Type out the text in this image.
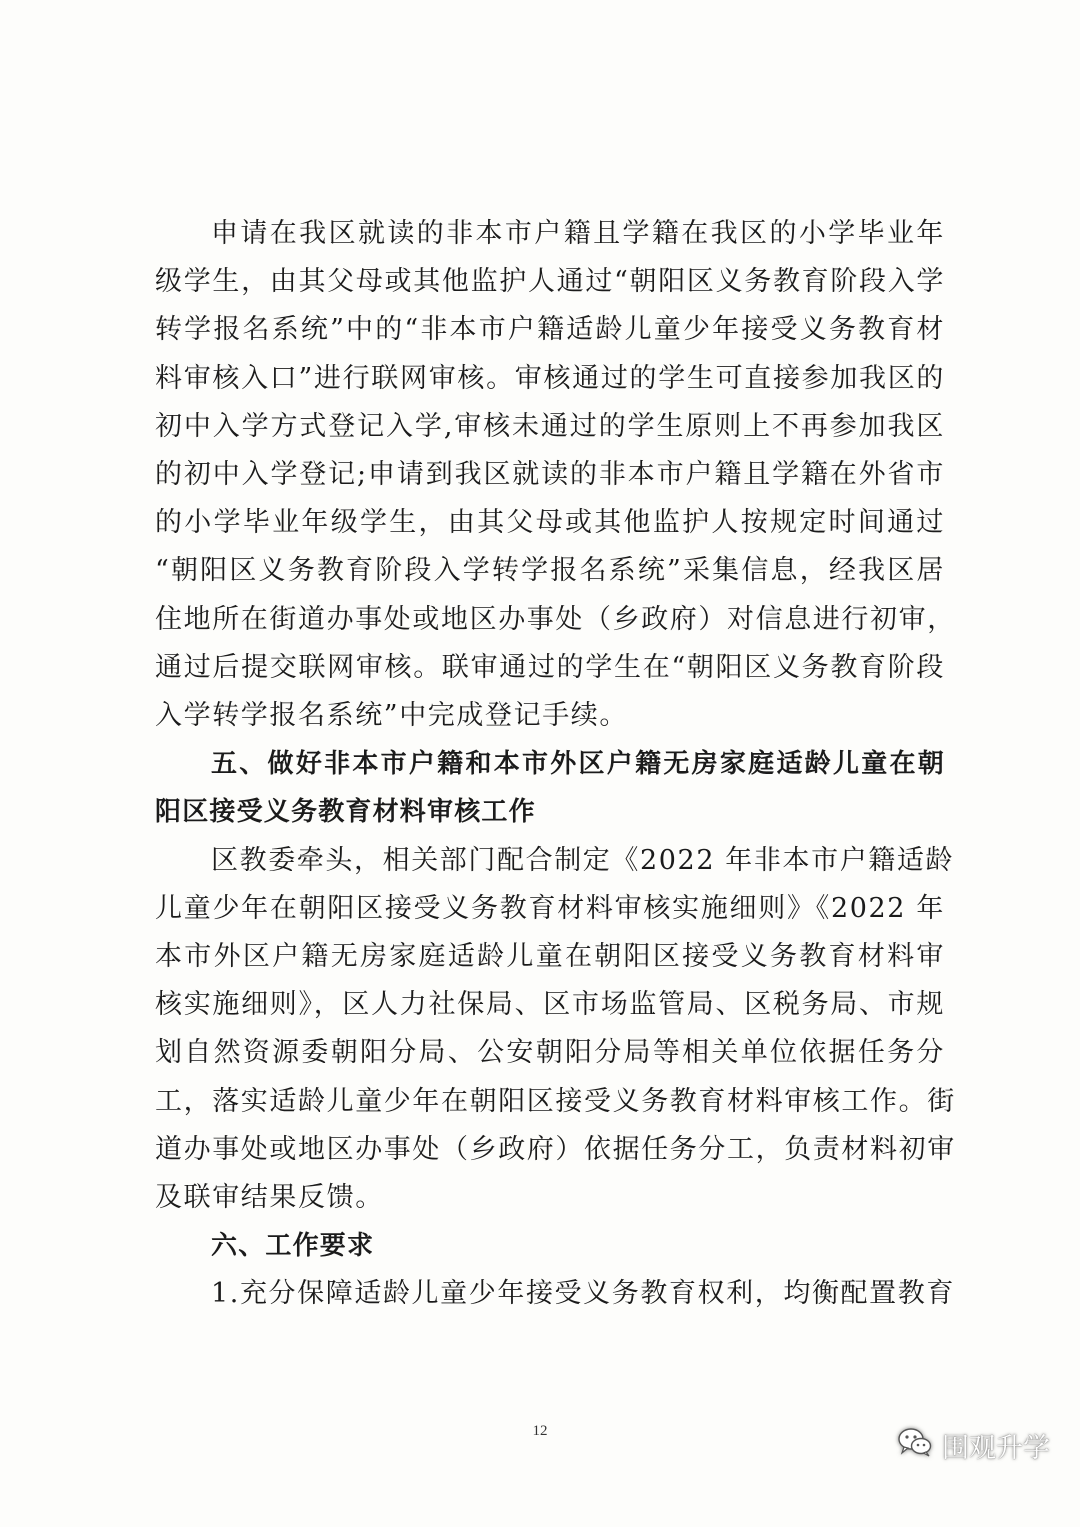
申请在我区就读的非本市户籍且学籍在我区的小学毕业年
级学生，由其父母或其他监护人通过“朝阳区义务教育阶段入学
转学报名系统”中的“非本市户籍适龄儿童少年接受义务教育材
料审核入口”进行联网审核。审核通过的学生可直接参加我区的
初中入学方式登记入学,审核未通过的学生原则上不再参加我区
的初中入学登记;申请到我区就读的非本市户籍且学籍在外省市
的小学毕业年级学生，由其父母或其他监护人按规定时间通过
“朝阳区义务教育阶段入学转学报名系统”采集信息，经我区居
住地所在街道办事处或地区办事处（乡政府）对信息进行初审，
通过后提交联网审核。联审通过的学生在“朝阳区义务教育阶段
入学转学报名系统”中完成登记手续。
五、做好非本市户籍和本市外区户籍无房家庭适龄儿童在朝
阳区接受义务教育材料审核工作
区教委牵头，相关部门配合制定《2022 年非本市户籍适龄
儿童少年在朝阳区接受义务教育材料审核实施细则》《2022 年
本市外区户籍无房家庭适龄儿童在朝阳区接受义务教育材料审
核实施细则》，区人力社保局、区市场监管局、区税务局、市规
划自然资源委朝阳分局、公安朝阳分局等相关单位依据任务分
工，落实适龄儿童少年在朝阳区接受义务教育材料审核工作。街
道办事处或地区办事处（乡政府）依据任务分工，负责材料初审
及联审结果反馈。
六、工作要求
1.充分保障适龄儿童少年接受义务教育权利，均衡配置教育
12
围观升学
